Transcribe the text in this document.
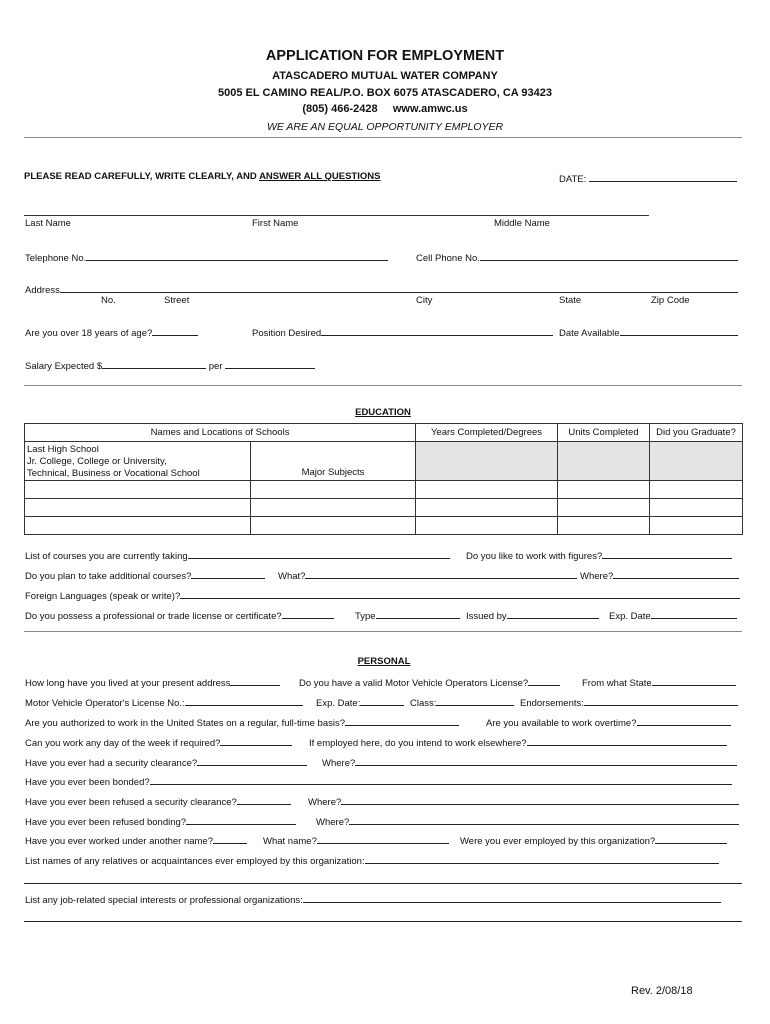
APPLICATION FOR EMPLOYMENT
ATASCADERO MUTUAL WATER COMPANY
5005 EL CAMINO REAL/P.O. BOX 6075 ATASCADERO, CA 93423
(805) 466-2428 www.amwc.us
WE ARE AN EQUAL OPPORTUNITY EMPLOYER
PLEASE READ CAREFULLY, WRITE CLEARLY, AND ANSWER ALL QUESTIONS	DATE:
Last Name	First Name	Middle Name
Telephone No.	Cell Phone No.
Address
No.	Street	City	State	Zip Code
Are you over 18 years of age?	Position Desired	Date Available
Salary Expected $	per
EDUCATION
Names and Locations of Schools		Years Completed/Degrees	Units Completed	Did you Graduate?

Last High School
Jr. College, College or University,
Technical, Business or Vocational School	Major Subjects			

List of courses you are currently taking	Do you like to work with figures?
Do you plan to take additional courses?	What?	Where?
Foreign Languages (speak or write)?
Do you possess a professional or trade license or certificate?	Type	Issued by	Exp. Date
PERSONAL
How long have you lived at your present address	Do you have a valid Motor Vehicle Operators License?	From what State
Motor Vehicle Operator's License No.:	Exp. Date:	Class:	Endorsements:
Are you authorized to work in the United States on a regular, full-time basis?	Are you available to work overtime?
Can you work any day of the week if required?	If employed here, do you intend to work elsewhere?
Have you ever had a security clearance?	Where?
Have you ever been bonded?
Have you ever been refused a security clearance?	Where?
Have you ever been refused bonding?	Where?
Have you ever worked under another name?	What name?	Were you ever employed by this organization?
List names of any relatives or acquaintances ever employed by this organization:
List any job-related special interests or professional organizations:
Rev. 2/08/18
